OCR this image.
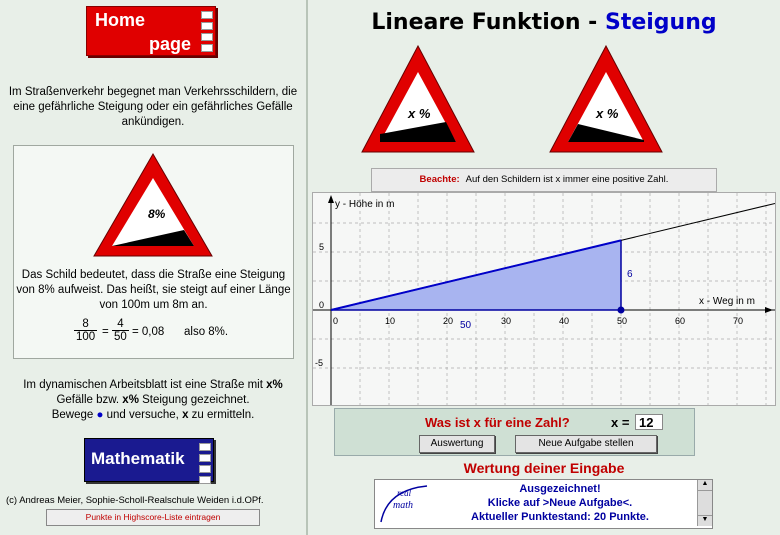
Home
page
Im Straßenverkehr begegnet man Verkehrsschildern, die eine gefährliche Steigung oder ein gefährliches Gefälle ankündigen.
8%
Das Schild bedeutet, dass die Straße eine Steigung von 8% aufweist. Das heißt, sie steigt auf einer Länge von 100m um 8m an.
$\frac{8}{100} = \frac{4}{50} = 0,08$ also 8%.
Im dynamischen Arbeitsblatt ist eine Straße mit x% Gefälle bzw. x% Steigung gezeichnet.
Bewege ● und versuche, x zu ermitteln.
Mathematik
(c) Andreas Meier, Sophie-Scholl-Realschule Weiden i.d.OPf.
Punkte in Highscore-Liste eintragen
Lineare Funktion - Steigung
x %	x %
Beachte: Auf den Schildern ist x immer eine positive Zahl.
0	10	20	30	40	50	60	70
-5
0
5
y - Höhe in m
x - Weg in m
6
50
Was ist x für eine Zahl?	x = 12
Auswertung	Neue Aufgabe stellen
Wertung deiner Eingabe
real
math
Ausgezeichnet!
Klicke auf >Neue Aufgabe<.
Aktueller Punktestand: 20 Punkte.
▲
▼
